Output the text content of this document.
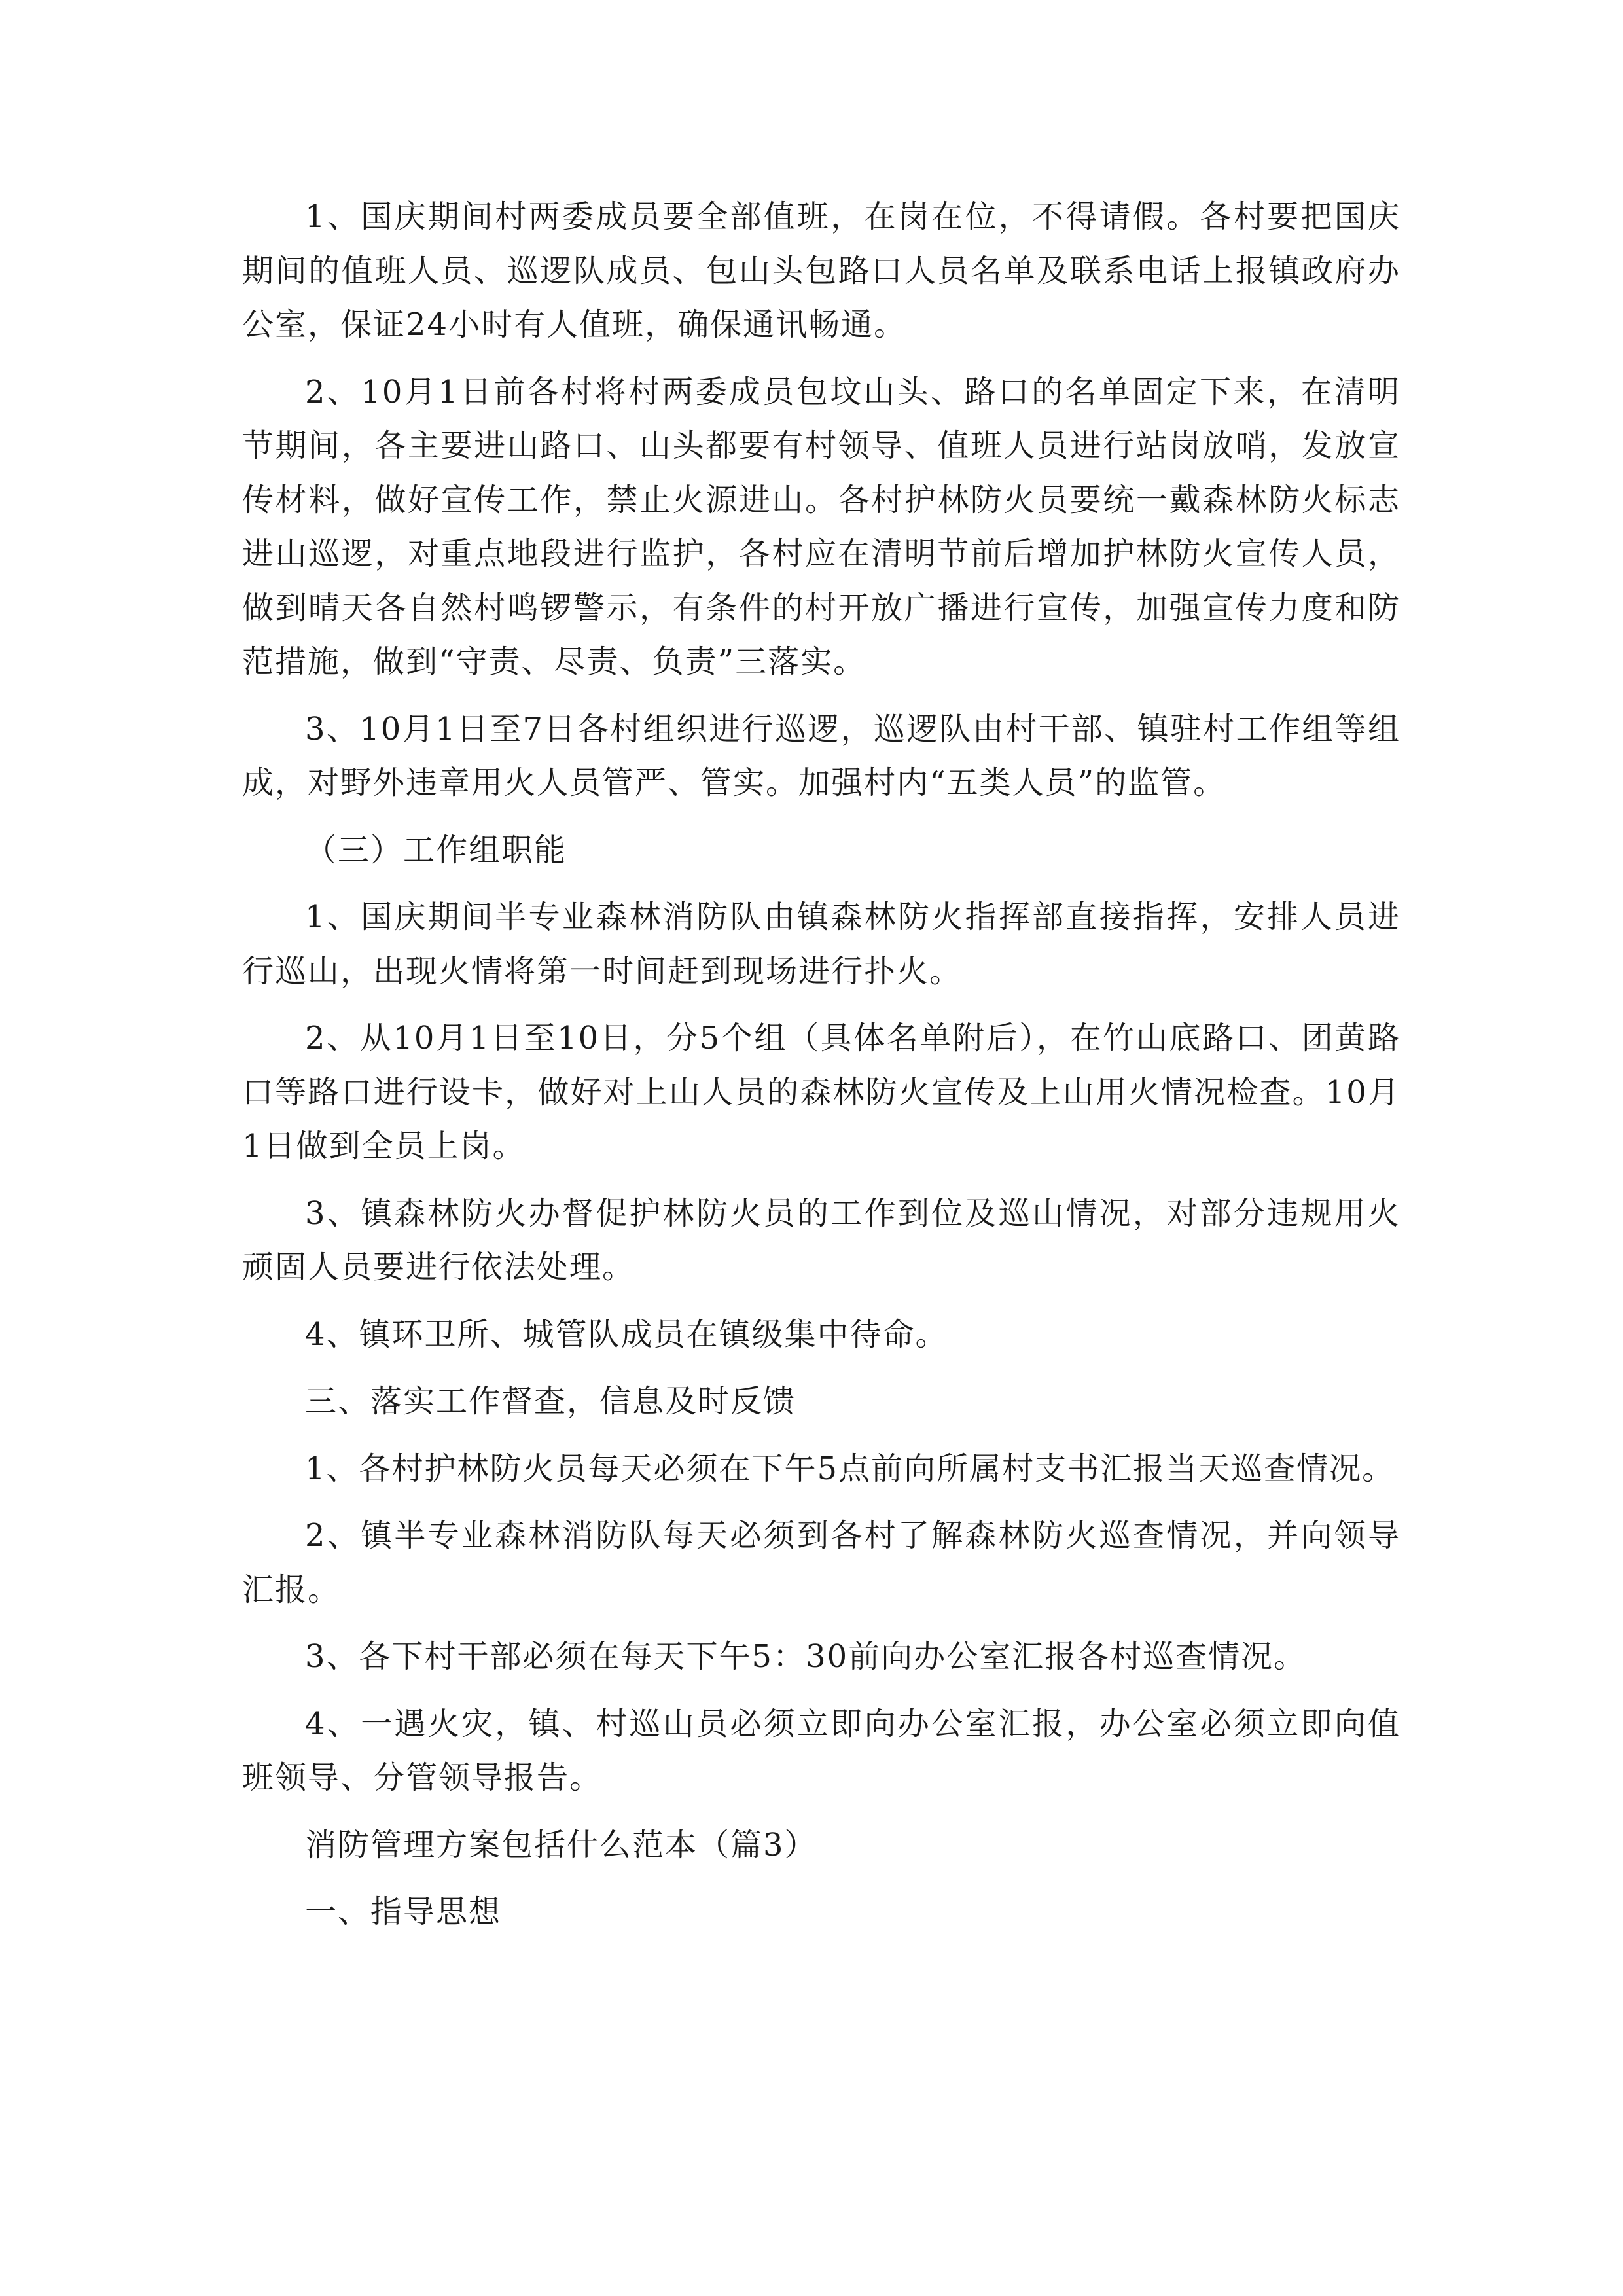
1、国庆期间村两委成员要全部值班，在岗在位，不得请假。各村要把国庆期间的值班人员、巡逻队成员、包山头包路口人员名单及联系电话上报镇政府办公室，保证24小时有人值班，确保通讯畅通。

2、10月1日前各村将村两委成员包坟山头、路口的名单固定下来，在清明节期间，各主要进山路口、山头都要有村领导、值班人员进行站岗放哨，发放宣传材料，做好宣传工作，禁止火源进山。各村护林防火员要统一戴森林防火标志进山巡逻，对重点地段进行监护，各村应在清明节前后增加护林防火宣传人员，做到晴天各自然村鸣锣警示，有条件的村开放广播进行宣传，加强宣传力度和防范措施，做到“守责、尽责、负责”三落实。

3、10月1日至7日各村组织进行巡逻，巡逻队由村干部、镇驻村工作组等组成，对野外违章用火人员管严、管实。加强村内“五类人员”的监管。

（三）工作组职能

1、国庆期间半专业森林消防队由镇森林防火指挥部直接指挥，安排人员进行巡山，出现火情将第一时间赶到现场进行扑火。

2、从10月1日至10日，分5个组（具体名单附后），在竹山底路口、团黄路口等路口进行设卡，做好对上山人员的森林防火宣传及上山用火情况检查。10月1日做到全员上岗。

3、镇森林防火办督促护林防火员的工作到位及巡山情况，对部分违规用火顽固人员要进行依法处理。

4、镇环卫所、城管队成员在镇级集中待命。

三、落实工作督查，信息及时反馈

1、各村护林防火员每天必须在下午5点前向所属村支书汇报当天巡查情况。

2、镇半专业森林消防队每天必须到各村了解森林防火巡查情况，并向领导汇报。

3、各下村干部必须在每天下午5：30前向办公室汇报各村巡查情况。

4、一遇火灾，镇、村巡山员必须立即向办公室汇报，办公室必须立即向值班领导、分管领导报告。

消防管理方案包括什么范本（篇3）

一、指导思想
